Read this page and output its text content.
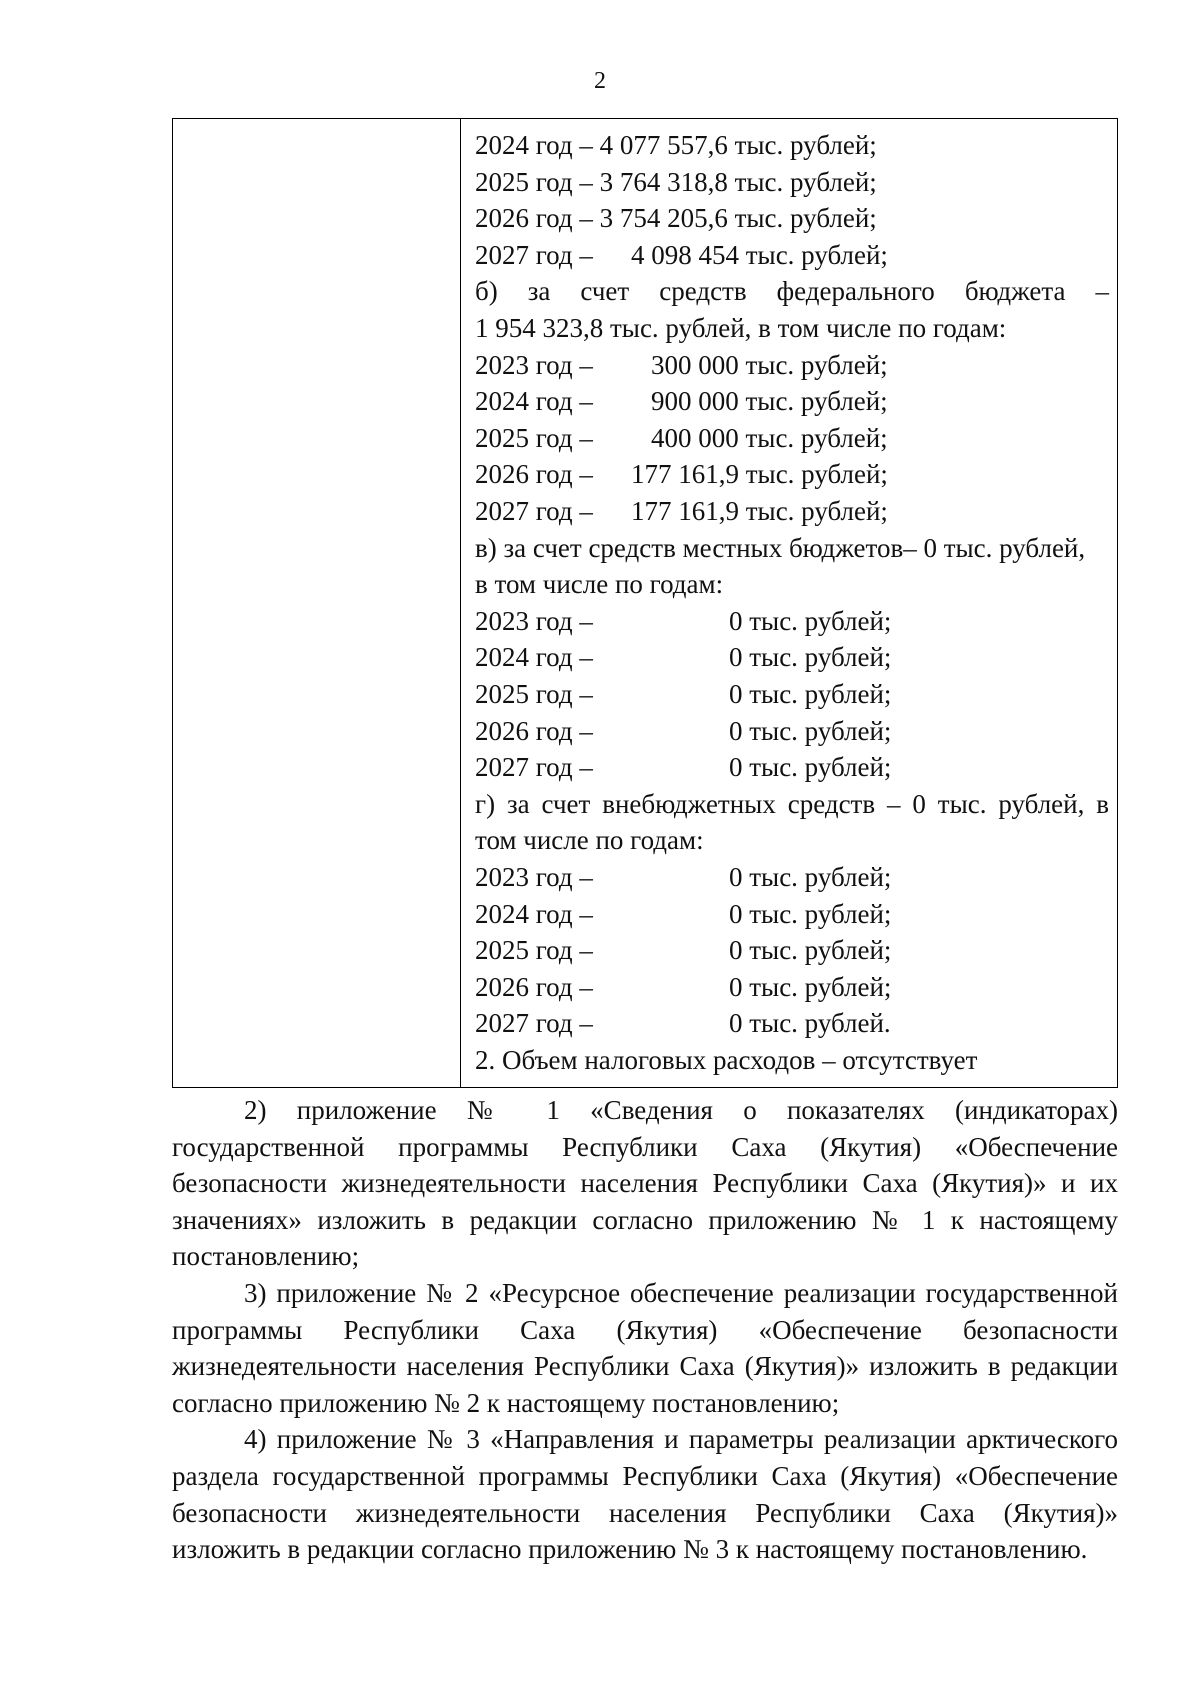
2
2024 год – 4 077 557,6 тыс. рублей;
2025 год – 3 764 318,8 тыс. рублей;
2026 год – 3 754 205,6 тыс. рублей;
2027 год – 4 098 454 тыс. рублей;
б) за счет средств федерального бюджета –
1 954 323,8 тыс. рублей, в том числе по годам:
2023 год – 300 000 тыс. рублей;
2024 год – 900 000 тыс. рублей;
2025 год – 400 000 тыс. рублей;
2026 год – 177 161,9 тыс. рублей;
2027 год – 177 161,9 тыс. рублей;
в) за счет средств местных бюджетов– 0 тыс. рублей,
в том числе по годам:
2023 год –	0 тыс. рублей;
2024 год –	0 тыс. рублей;
2025 год –	0 тыс. рублей;
2026 год –	0 тыс. рублей;
2027 год –	0 тыс. рублей;
г) за счет внебюджетных средств – 0 тыс. рублей, в
том числе по годам:
2023 год –	0 тыс. рублей;
2024 год –	0 тыс. рублей;
2025 год –	0 тыс. рублей;
2026 год –	0 тыс. рублей;
2027 год –	0 тыс. рублей.
2. Объем налоговых расходов – отсутствует

2) приложение № 1 «Сведения о показателях (индикаторах) государственной программы Республики Саха (Якутия) «Обеспечение безопасности жизнедеятельности населения Республики Саха (Якутия)» и их значениях» изложить в редакции согласно приложению № 1 к настоящему постановлению;

3) приложение № 2 «Ресурсное обеспечение реализации государственной программы Республики Саха (Якутия) «Обеспечение безопасности жизнедеятельности населения Республики Саха (Якутия)» изложить в редакции согласно приложению № 2 к настоящему постановлению;

4) приложение № 3 «Направления и параметры реализации арктического раздела государственной программы Республики Саха (Якутия) «Обеспечение безопасности жизнедеятельности населения Республики Саха (Якутия)» изложить в редакции согласно приложению № 3 к настоящему постановлению.
